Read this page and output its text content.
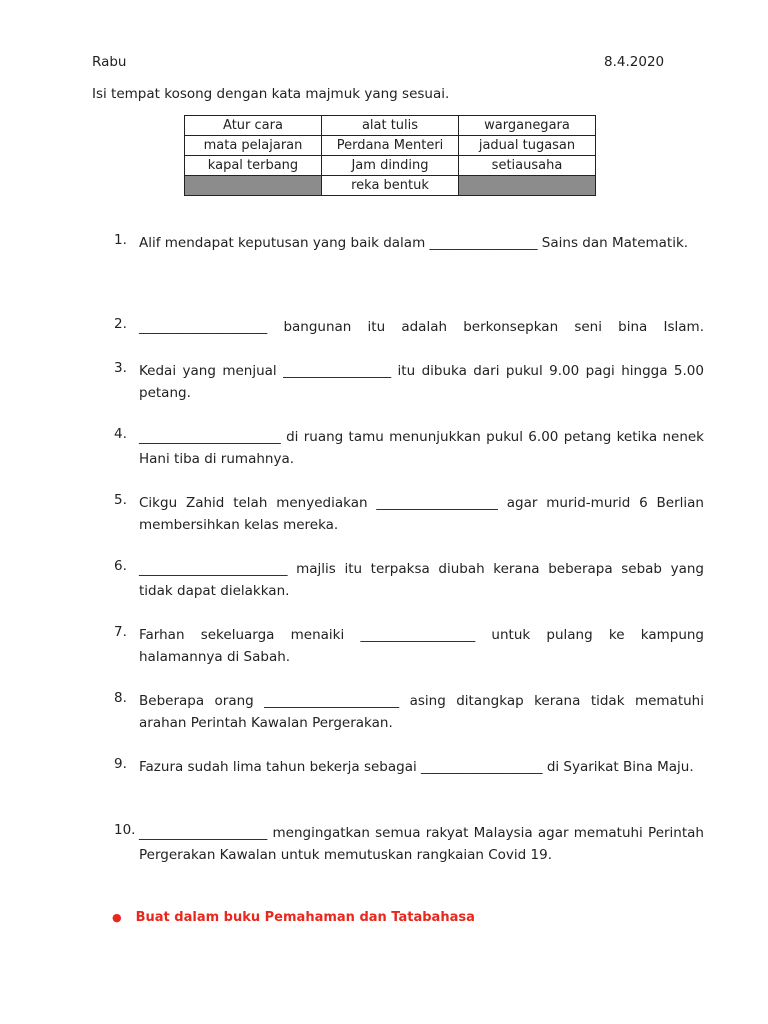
Rabu	8.4.2020
Isi tempat kosong dengan kata majmuk yang sesuai.
Atur cara	alat tulis	warganegara
mata pelajaran	Perdana Menteri	jadual tugasan
kapal terbang	Jam dinding	setiausaha
	reka bentuk	
1. Alif mendapat keputusan yang baik dalam ________________ Sains dan Matematik.
2. ___________________ bangunan itu adalah berkonsepkan seni bina Islam.
3. Kedai yang menjual ________________ itu dibuka dari pukul 9.00 pagi hingga 5.00 petang.
4. _____________________ di ruang tamu menunjukkan pukul 6.00 petang ketika nenek Hani tiba di rumahnya.
5. Cikgu Zahid telah menyediakan __________________ agar murid-murid 6 Berlian membersihkan kelas mereka.
6. ______________________ majlis itu terpaksa diubah kerana beberapa sebab yang tidak dapat dielakkan.
7. Farhan sekeluarga menaiki _________________ untuk pulang ke kampung halamannya di Sabah.
8. Beberapa orang ____________________ asing ditangkap kerana tidak mematuhi arahan Perintah Kawalan Pergerakan.
9. Fazura sudah lima tahun bekerja sebagai __________________ di Syarikat Bina Maju.
10. ___________________ mengingatkan semua rakyat Malaysia agar mematuhi Perintah Pergerakan Kawalan untuk memutuskan rangkaian Covid 19.
● Buat dalam buku Pemahaman dan Tatabahasa
